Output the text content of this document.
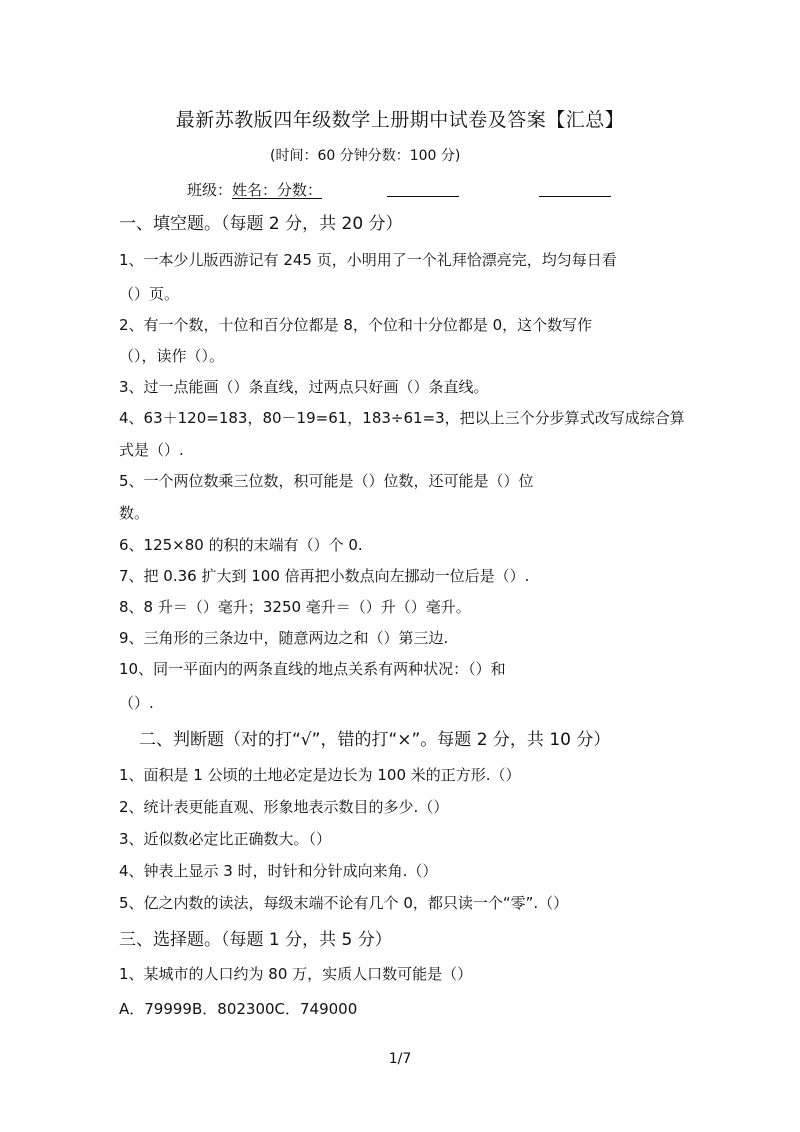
最新苏教版四年级数学上册期中试卷及答案【汇总】
(时间：60 分钟分数：100 分)
班级：姓名：分数：
一、填空题。（每题 2 分，共 20 分）
1、一本少儿版西游记有 245 页，小明用了一个礼拜恰漂亮完，均匀每日看
（）页。
2、有一个数，十位和百分位都是 8，个位和十分位都是 0，这个数写作
（），读作（）。
3、过一点能画（）条直线，过两点只好画（）条直线。
4、63＋120=183，80－19=61，183÷61=3，把以上三个分步算式改写成综合算
式是（）.
5、一个两位数乘三位数，积可能是（）位数，还可能是（）位
数。
6、125×80 的积的末端有（）个 0.
7、把 0.36 扩大到 100 倍再把小数点向左挪动一位后是（）.
8、8 升＝（）毫升；3250 毫升＝（）升（）毫升。
9、三角形的三条边中，随意两边之和（）第三边.
10、同一平面内的两条直线的地点关系有两种状况：（）和
（）.
二、判断题（对的打“√”，错的打“×”。每题 2 分，共 10 分）
1、面积是 1 公顷的土地必定是边长为 100 米的正方形.（）
2、统计表更能直观、形象地表示数目的多少.（）
3、近似数必定比正确数大。（）
4、钟表上显示 3 时，时针和分针成向来角.（）
5、亿之内数的读法，每级末端不论有几个 0，都只读一个“零”.（）
三、选择题。（每题 1 分，共 5 分）
1、某城市的人口约为 80 万，实质人口数可能是（）
A．79999B．802300C．749000
1/7
